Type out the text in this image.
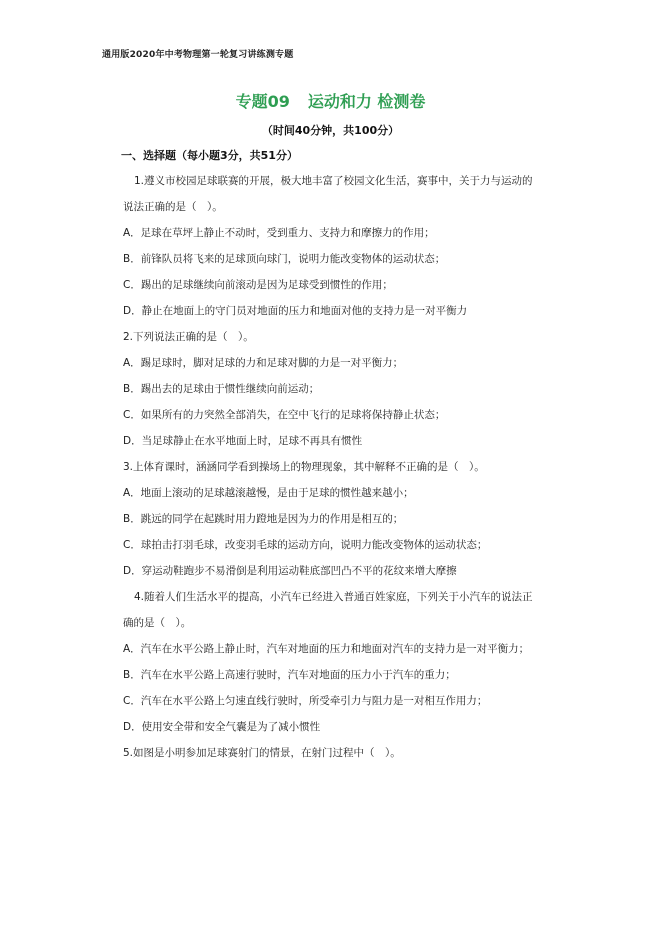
通用版2020年中考物理第一轮复习讲练测专题
专题09 运动和力 检测卷
（时间40分钟，共100分）
一、选择题（每小题3分，共51分）
1.遵义市校园足球联赛的开展，极大地丰富了校园文化生活，赛事中，关于力与运动的
说法正确的是（　）。
A．足球在草坪上静止不动时，受到重力、支持力和摩擦力的作用；
B．前锋队员将飞来的足球顶向球门，说明力能改变物体的运动状态；
C．踢出的足球继续向前滚动是因为足球受到惯性的作用；
D．静止在地面上的守门员对地面的压力和地面对他的支持力是一对平衡力
2.下列说法正确的是（　）。
A．踢足球时，脚对足球的力和足球对脚的力是一对平衡力；
B．踢出去的足球由于惯性继续向前运动；
C．如果所有的力突然全部消失，在空中飞行的足球将保持静止状态；
D．当足球静止在水平地面上时，足球不再具有惯性
3.上体育课时，涵涵同学看到操场上的物理现象，其中解释不正确的是（　）。
A．地面上滚动的足球越滚越慢，是由于足球的惯性越来越小；
B．跳远的同学在起跳时用力蹬地是因为力的作用是相互的；
C．球拍击打羽毛球，改变羽毛球的运动方向，说明力能改变物体的运动状态；
D．穿运动鞋跑步不易滑倒是利用运动鞋底部凹凸不平的花纹来增大摩擦
4.随着人们生活水平的提高，小汽车已经进入普通百姓家庭，下列关于小汽车的说法正
确的是（　）。
A．汽车在水平公路上静止时，汽车对地面的压力和地面对汽车的支持力是一对平衡力；
B．汽车在水平公路上高速行驶时，汽车对地面的压力小于汽车的重力；
C．汽车在水平公路上匀速直线行驶时，所受牵引力与阻力是一对相互作用力；
D．使用安全带和安全气囊是为了减小惯性
5.如图是小明参加足球赛射门的情景，在射门过程中（　）。
